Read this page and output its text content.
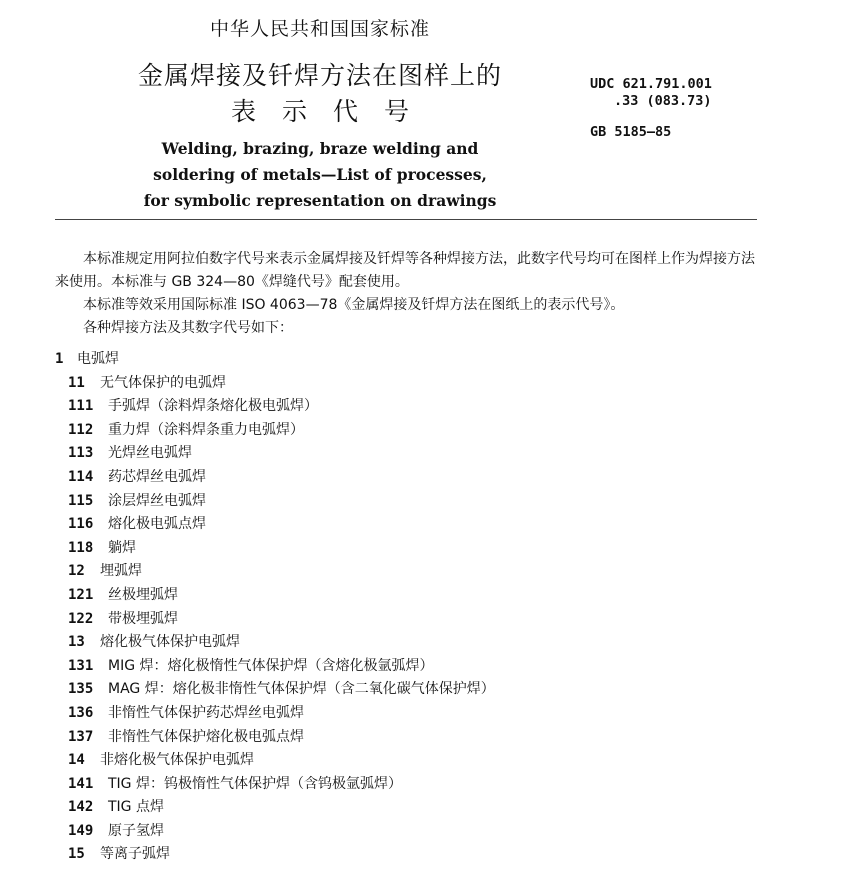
中华人民共和国国家标准
金属焊接及钎焊方法在图样上的
表示代号
Welding, brazing, braze welding and
soldering of metals—List of processes,
for symbolic representation on drawings
UDC 621.791.001
.33 (083.73)
GB 5185—85

本标准规定用阿拉伯数字代号来表示金属焊接及钎焊等各种焊接方法，此数字代号均可在图样上作为焊接方法来使用。本标准与 GB 324—80《焊缝代号》配套使用。

本标准等效采用国际标准 ISO 4063—78《金属焊接及钎焊方法在图纸上的表示代号》。

各种焊接方法及其数字代号如下：

1 电弧焊
11	无气体保护的电弧焊
111	手弧焊（涂料焊条熔化极电弧焊）
112	重力焊（涂料焊条重力电弧焊）
113	光焊丝电弧焊
114	药芯焊丝电弧焊
115	涂层焊丝电弧焊
116	熔化极电弧点焊
118	躺焊
12	埋弧焊
121	丝极埋弧焊
122	带极埋弧焊
13	熔化极气体保护电弧焊
131	MIG 焊：熔化极惰性气体保护焊（含熔化极氩弧焊）
135	MAG 焊：熔化极非惰性气体保护焊（含二氧化碳气体保护焊）
136	非惰性气体保护药芯焊丝电弧焊
137	非惰性气体保护熔化极电弧点焊
14	非熔化极气体保护电弧焊
141	TIG 焊：钨极惰性气体保护焊（含钨极氩弧焊）
142	TIG 点焊
149	原子氢焊
15	等离子弧焊
